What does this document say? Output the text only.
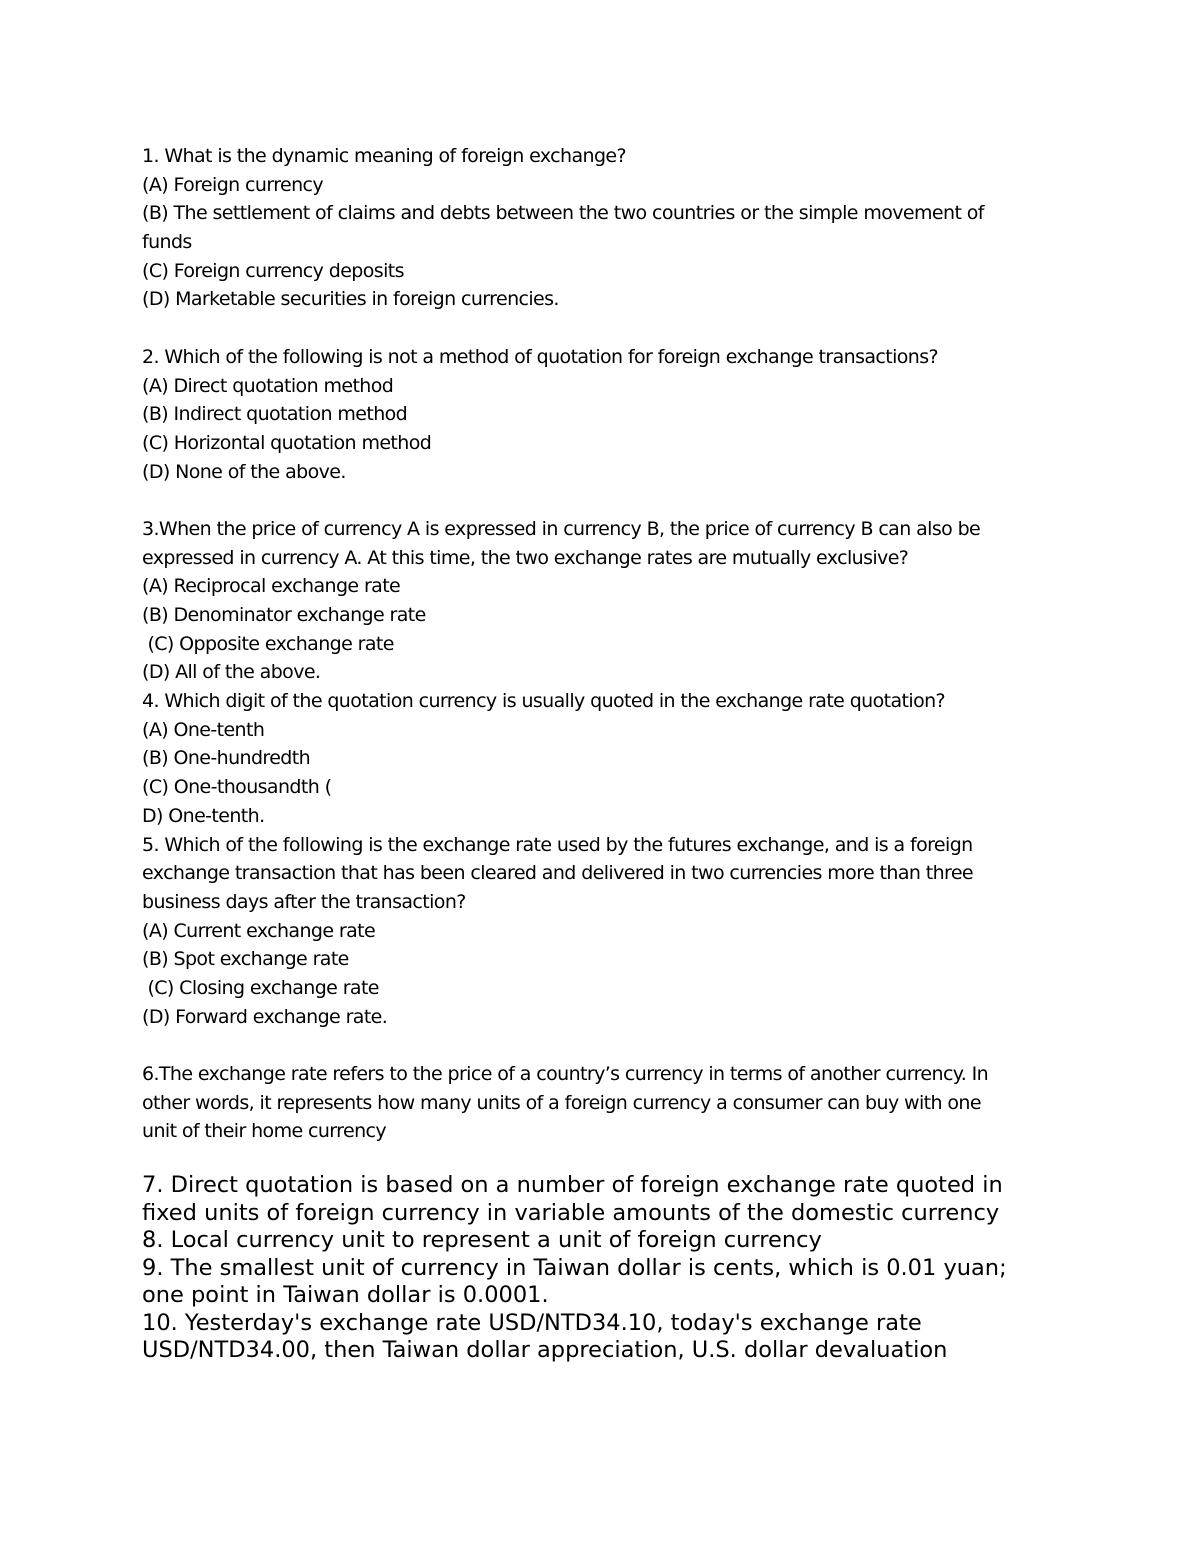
1. What is the dynamic meaning of foreign exchange?
(A) Foreign currency
(B) The settlement of claims and debts between the two countries or the simple movement of
funds
(C) Foreign currency deposits
(D) Marketable securities in foreign currencies.
2. Which of the following is not a method of quotation for foreign exchange transactions?
(A) Direct quotation method
(B) Indirect quotation method
(C) Horizontal quotation method
(D) None of the above.
3.When the price of currency A is expressed in currency B, the price of currency B can also be
expressed in currency A. At this time, the two exchange rates are mutually exclusive?
(A) Reciprocal exchange rate
(B) Denominator exchange rate
(C) Opposite exchange rate
(D) All of the above.
4. Which digit of the quotation currency is usually quoted in the exchange rate quotation?
(A) One-tenth
(B) One-hundredth
(C) One-thousandth (
D) One-tenth.
5. Which of the following is the exchange rate used by the futures exchange, and is a foreign
exchange transaction that has been cleared and delivered in two currencies more than three
business days after the transaction?
(A) Current exchange rate
(B) Spot exchange rate
(C) Closing exchange rate
(D) Forward exchange rate.
6.The exchange rate refers to the price of a country’s currency in terms of another currency. In
other words, it represents how many units of a foreign currency a consumer can buy with one
unit of their home currency
7. Direct quotation is based on a number of foreign exchange rate quoted in
fixed units of foreign currency in variable amounts of the domestic currency
8. Local currency unit to represent a unit of foreign currency
9. The smallest unit of currency in Taiwan dollar is cents, which is 0.01 yuan;
one point in Taiwan dollar is 0.0001.
10. Yesterday's exchange rate USD/NTD34.10, today's exchange rate
USD/NTD34.00, then Taiwan dollar appreciation, U.S. dollar devaluation
